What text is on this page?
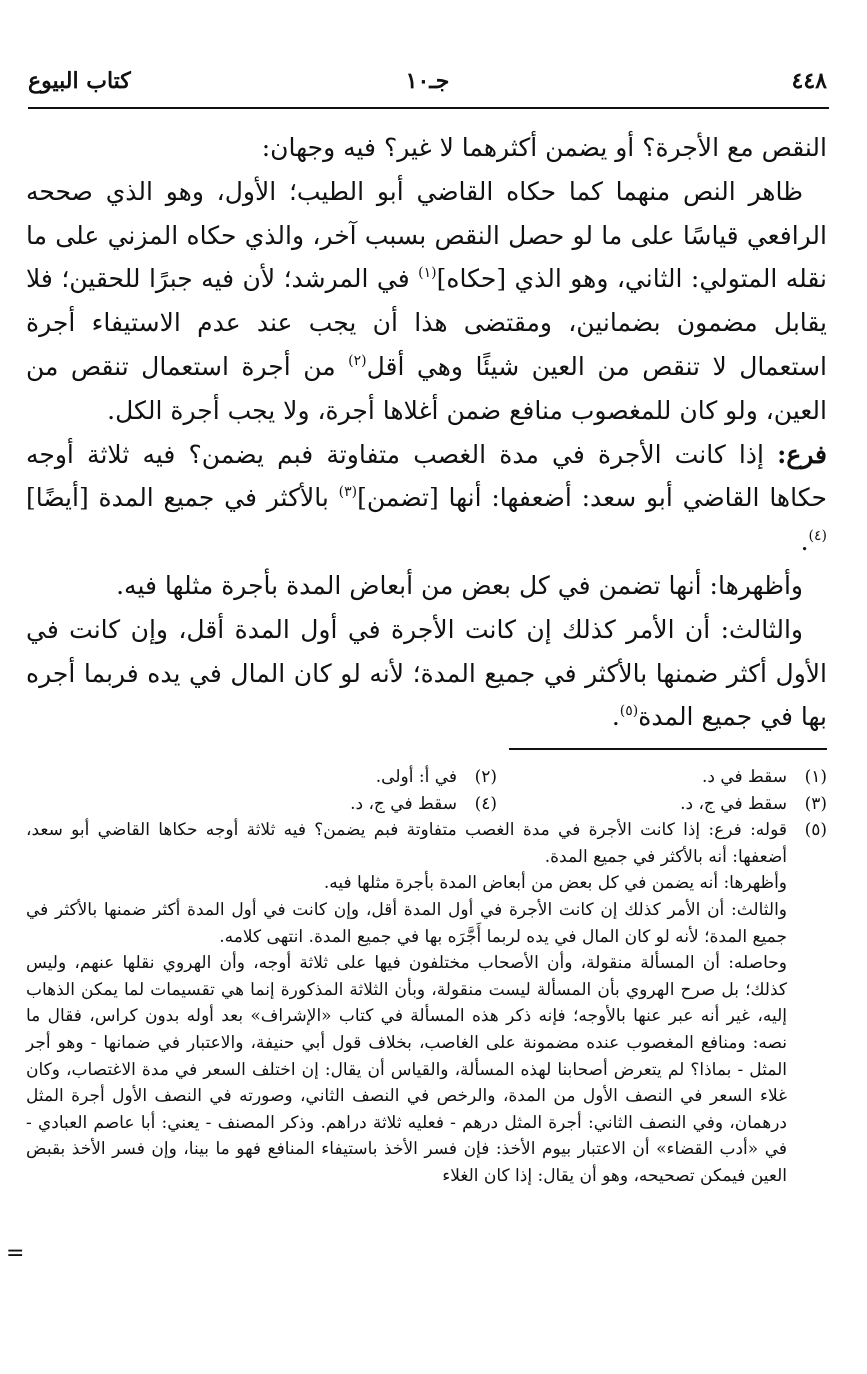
٤٤٨
جـ١٠
كتاب البيوع

النقص مع الأجرة؟ أو يضمن أكثرهما لا غير؟ فيه وجهان:

ظاهر النص منهما كما حكاه القاضي أبو الطيب؛ الأول، وهو الذي صححه الرافعي قياسًا على ما لو حصل النقص بسبب آخر، والذي حكاه المزني على ما نقله المتولي: الثاني، وهو الذي [حكاه]$^{(١)}$ في المرشد؛ لأن فيه جبرًا للحقين؛ فلا يقابل مضمون بضمانين، ومقتضى هذا أن يجب عند عدم الاستيفاء أجرة استعمال لا تنقص من العين شيئًا وهي أقل$^{(٢)}$ من أجرة استعمال تنقص من العين، ولو كان للمغصوب منافع ضمن أغلاها أجرة، ولا يجب أجرة الكل.

فرع: إذا كانت الأجرة في مدة الغصب متفاوتة فبم يضمن؟ فيه ثلاثة أوجه حكاها القاضي أبو سعد: أضعفها: أنها [تضمن]$^{(٣)}$ بالأكثر في جميع المدة [أيضًا]$^{(٤)}$.

وأظهرها: أنها تضمن في كل بعض من أبعاض المدة بأجرة مثلها فيه.

والثالث: أن الأمر كذلك إن كانت الأجرة في أول المدة أقل، وإن كانت في الأول أكثر ضمنها بالأكثر في جميع المدة؛ لأنه لو كان المال في يده فربما أجره بها في جميع المدة$^{(٥)}$.

(١)سقط في د.
(٢)في أ: أولى.
(٣)سقط في ج، د.
(٤)سقط في ج، د.
(٥)

قوله: فرع: إذا كانت الأجرة في مدة الغصب متفاوتة فبم يضمن؟ فيه ثلاثة أوجه حكاها القاضي أبو سعد، أضعفها: أنه بالأكثر في جميع المدة.

وأظهرها: أنه يضمن في كل بعض من أبعاض المدة بأجرة مثلها فيه.

والثالث: أن الأمر كذلك إن كانت الأجرة في أول المدة أقل، وإن كانت في أول المدة أكثر ضمنها بالأكثر في جميع المدة؛ لأنه لو كان المال في يده لربما أَجَّرَه بها في جميع المدة. انتهى كلامه.

وحاصله: أن المسألة منقولة، وأن الأصحاب مختلفون فيها على ثلاثة أوجه، وأن الهروي نقلها عنهم، وليس كذلك؛ بل صرح الهروي بأن المسألة ليست منقولة، وبأن الثلاثة المذكورة إنما هي تقسيمات لما يمكن الذهاب إليه، غير أنه عبر عنها بالأوجه؛ فإنه ذكر هذه المسألة في كتاب «الإشراف» بعد أوله بدون كراس، فقال ما نصه: ومنافع المغصوب عنده مضمونة على الغاصب، بخلاف قول أبي حنيفة، والاعتبار في ضمانها - وهو أجر المثل - بماذا؟ لم يتعرض أصحابنا لهذه المسألة، والقياس أن يقال: إن اختلف السعر في مدة الاغتصاب، وكان غلاء السعر في النصف الأول من المدة، والرخص في النصف الثاني، وصورته في النصف الأول أجرة المثل درهمان، وفي النصف الثاني: أجرة المثل درهم - فعليه ثلاثة دراهم. وذكر المصنف - يعني: أبا عاصم العبادي - في «أدب القضاء» أن الاعتبار بيوم الأخذ: فإن فسر الأخذ باستيفاء المنافع فهو ما بينا، وإن فسر الأخذ بقبض العين فيمكن تصحيحه، وهو أن يقال: إذا كان الغلاء

=
